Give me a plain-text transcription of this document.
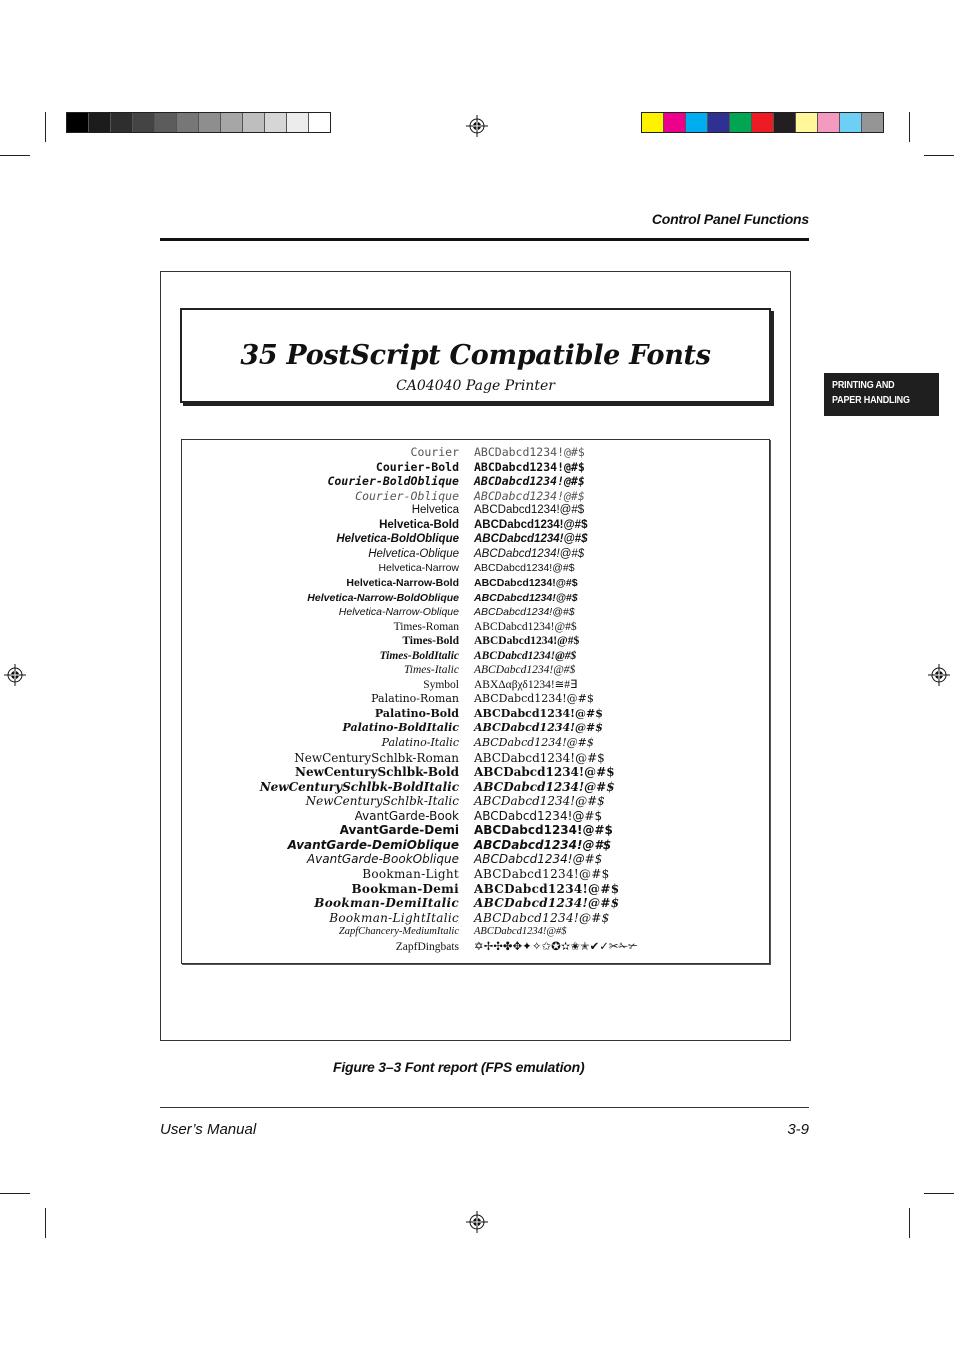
Control Panel Functions
PRINTING AND
PAPER HANDLING
35 PostScript Compatible Fonts
CA04040 Page Printer
Courier ABCDabcd1234!@#$
Courier-Bold ABCDabcd1234!@#$
Courier-BoldOblique ABCDabcd1234!@#$
Courier-Oblique ABCDabcd1234!@#$
Helvetica ABCDabcd1234!@#$
Helvetica-Bold ABCDabcd1234!@#$
Helvetica-BoldOblique ABCDabcd1234!@#$
Helvetica-Oblique ABCDabcd1234!@#$
Helvetica-Narrow ABCDabcd1234!@#$
Helvetica-Narrow-Bold ABCDabcd1234!@#$
Helvetica-Narrow-BoldOblique ABCDabcd1234!@#$
Helvetica-Narrow-Oblique ABCDabcd1234!@#$
Times-Roman ABCDabcd1234!@#$
Times-Bold ABCDabcd1234!@#$
Times-BoldItalic ABCDabcd1234!@#$
Times-Italic ABCDabcd1234!@#$
Symbol ΑΒΧΔαβχδ1234!≅#∃
Palatino-Roman ABCDabcd1234!@#$
Palatino-Bold ABCDabcd1234!@#$
Palatino-BoldItalic ABCDabcd1234!@#$
Palatino-Italic ABCDabcd1234!@#$
NewCenturySchlbk-Roman ABCDabcd1234!@#$
NewCenturySchlbk-Bold ABCDabcd1234!@#$
NewCenturySchlbk-BoldItalic ABCDabcd1234!@#$
NewCenturySchlbk-Italic ABCDabcd1234!@#$
AvantGarde-Book ABCDabcd1234!@#$
AvantGarde-Demi ABCDabcd1234!@#$
AvantGarde-DemiOblique ABCDabcd1234!@#$
AvantGarde-BookOblique ABCDabcd1234!@#$
Bookman-Light ABCDabcd1234!@#$
Bookman-Demi ABCDabcd1234!@#$
Bookman-DemiItalic ABCDabcd1234!@#$
Bookman-LightItalic ABCDabcd1234!@#$
ZapfChancery-MediumItalic ABCDabcd1234!@#$
ZapfDingbats ✡✢✣✤✥✦✧✩✪✫✬✭✔✓✂✁✃
Figure 3–3 Font report (FPS emulation)
User’s Manual	3-9
